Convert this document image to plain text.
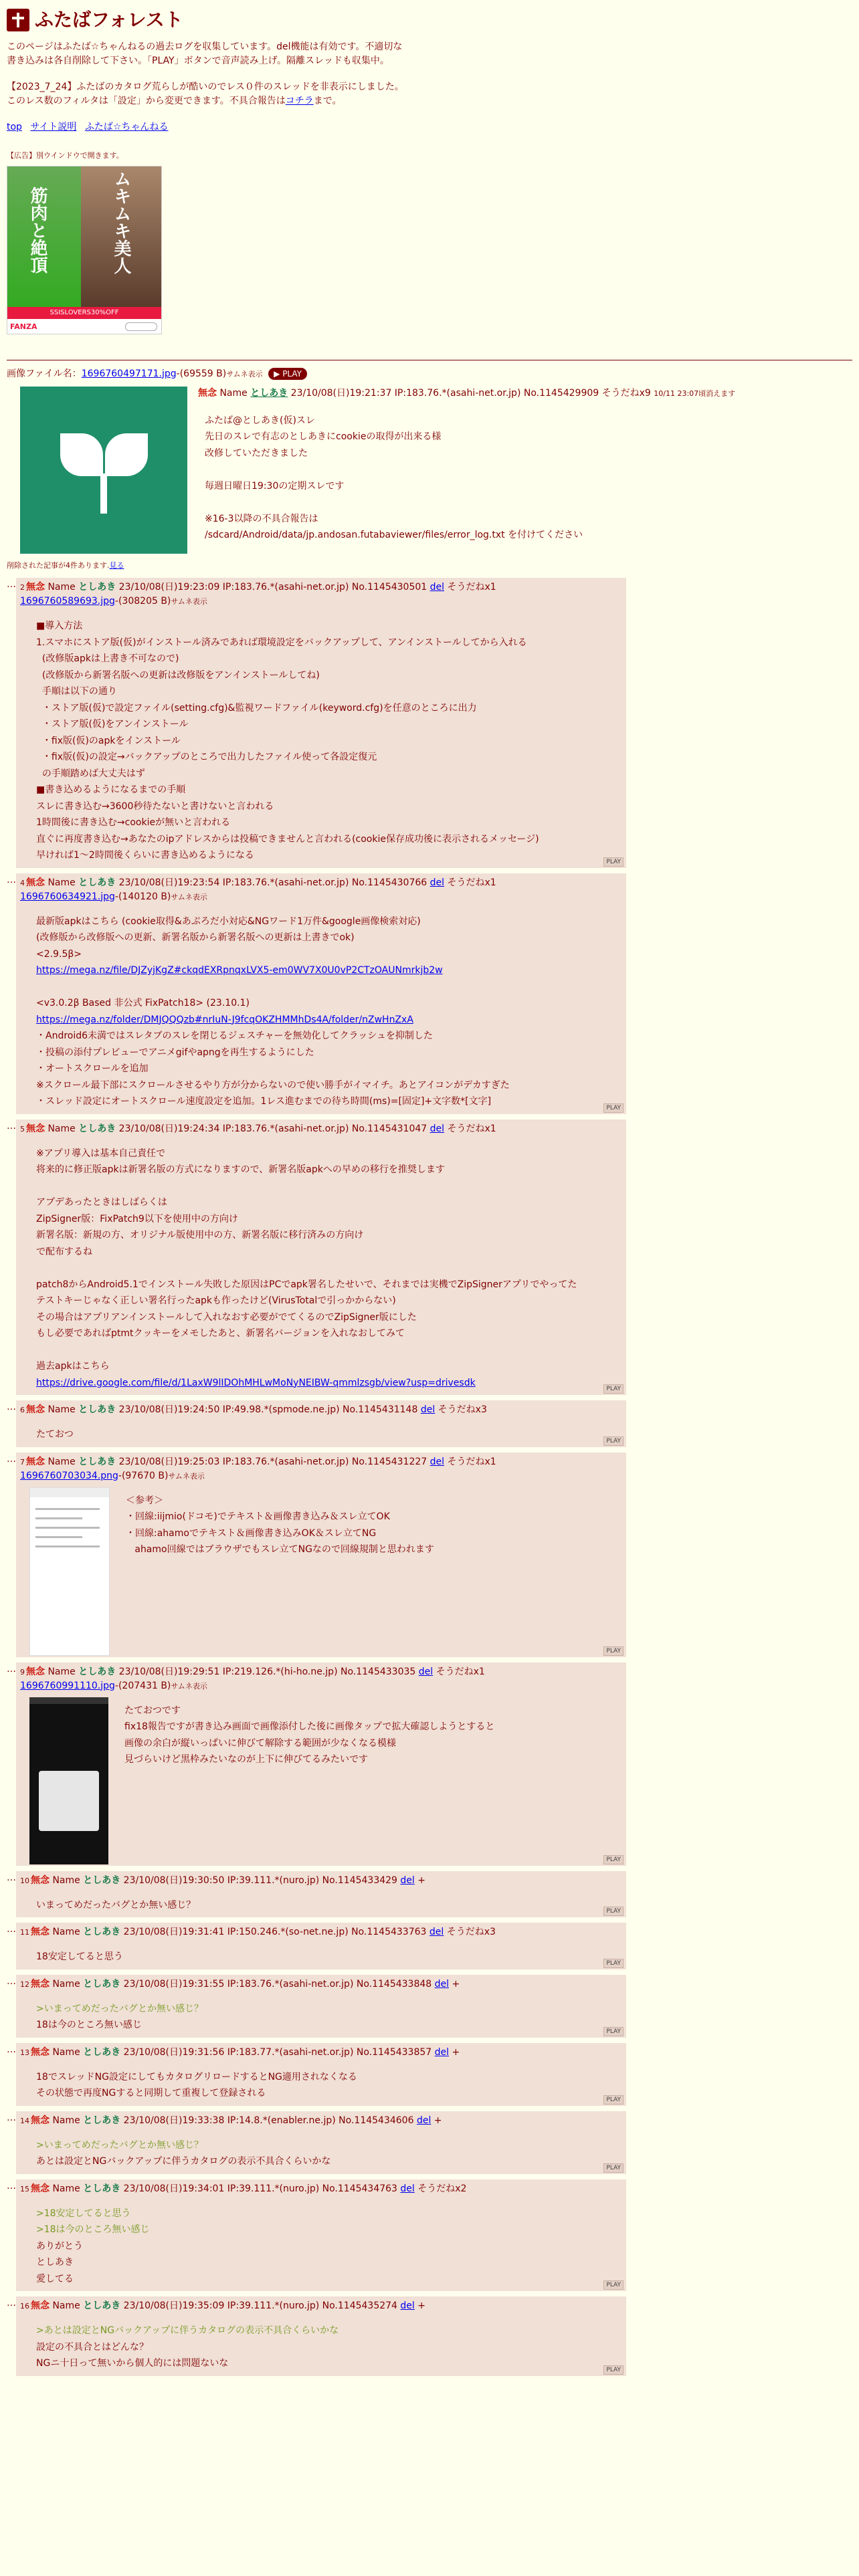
ふたばフォレスト

このページはふたば☆ちゃんねるの過去ログを収集しています。del機能は有効です。不適切な書き込みは各自削除して下さい。「PLAY」ボタンで音声読み上げ。隔離スレッドも収集中。

【2023_7_24】ふたばのカタログ荒らしが酷いのでレス０件のスレッドを非表示にしました。このレス数のフィルタは「設定」から変更できます。不具合報告はコチラまで。

top サイト説明 ふたば☆ちゃんねる
【広告】別ウインドウで開きます。
筋肉と絶頂	ムキムキ美人
SSISLOVERS30%OFF
FANZA
画像ファイル名：1696760497171.jpg-(69559 B)サムネ表示 ▶ PLAY
無念 Name としあき 23/10/08(日)19:21:37 IP:183.76.*(asahi-net.or.jp) No.1145429909 そうだねx9 10/11 23:07頃消えます
ふたば@としあき(仮)スレ
先日のスレで有志のとしあきにcookieの取得が出来る様
改修していただきました

毎週日曜日19:30の定期スレです

※16-3以降の不具合報告は
/sdcard/Android/data/jp.andosan.futabaviewer/files/error_log.txt を付けてください
削除された記事が4件あります.見る
… 2 無念 Name としあき 23/10/08(日)19:23:09 IP:183.76.*(asahi-net.or.jp) No.1145430501 del そうだねx1
1696760589693.jpg-(308205 B)サムネ表示
■導入方法
1.スマホにストア版(仮)がインストール済みであれば環境設定をバックアップして、アンインストールしてから入れる
(改修版apkは上書き不可なので)
(改修版から新署名版への更新は改修版をアンインストールしてね)
手順は以下の通り
・ストア版(仮)で設定ファイル(setting.cfg)&監視ワードファイル(keyword.cfg)を任意のところに出力
・ストア版(仮)をアンインストール
・fix版(仮)のapkをインストール
・fix版(仮)の設定→バックアップのところで出力したファイル使って各設定復元
の手順踏めば大丈夫はず
■書き込めるようになるまでの手順
スレに書き込む→3600秒待たないと書けないと言われる
1時間後に書き込む→cookieが無いと言われる
直ぐに再度書き込む→あなたのipアドレスからは投稿できませんと言われる(cookie保存成功後に表示されるメッセージ)
早ければ1〜2時間後くらいに書き込めるようになる
PLAY
… 4 無念 Name としあき 23/10/08(日)19:23:54 IP:183.76.*(asahi-net.or.jp) No.1145430766 del そうだねx1
1696760634921.jpg-(140120 B)サムネ表示
最新版apkはこちら (cookie取得&あぷろだ小対応&NGワード1万件&google画像検索対応)
(改修版から改修版への更新、新署名版から新署名版への更新は上書きでok)
<2.9.5β>
https://mega.nz/file/DJZyjKgZ#ckqdEXRpnqxLVX5-em0WV7X0U0vP2CTzOAUNmrkjb2w

<v3.0.2β Based 非公式 FixPatch18> (23.10.1)
https://mega.nz/folder/DMJQQQzb#nrIuN-J9fcqOKZHMMhDs4A/folder/nZwHnZxA
・Android6未満ではスレタブのスレを閉じるジェスチャーを無効化してクラッシュを抑制した
・投稿の添付プレビューでアニメgifやapngを再生するようにした
・オートスクロールを追加
※スクロール最下部にスクロールさせるやり方が分からないので使い勝手がイマイチ。あとアイコンがデカすぎた
・スレッド設定にオートスクロール速度設定を追加。1レス進むまでの待ち時間(ms)=[固定]+文字数*[文字]
PLAY
… 5 無念 Name としあき 23/10/08(日)19:24:34 IP:183.76.*(asahi-net.or.jp) No.1145431047 del そうだねx1
※アプリ導入は基本自己責任で
将来的に修正版apkは新署名版の方式になりますので、新署名版apkへの早めの移行を推奨します

アプデあったときはしばらくは
ZipSigner版：FixPatch9以下を使用中の方向け
新署名版：新規の方、オリジナル版使用中の方、新署名版に移行済みの方向け
で配布するね

patch8からAndroid5.1でインストール失敗した原因はPCでapk署名したせいで、それまでは実機でZipSignerアプリでやってた
テストキーじゃなく正しい署名行ったapkも作ったけど(VirusTotalで引っかからない)
その場合はアプリアンインストールして入れなおす必要がでてくるのでZipSigner版にした
もし必要であればptmtクッキーをメモしたあと、新署名バージョンを入れなおしてみて

過去apkはこちら
https://drive.google.com/file/d/1LaxW9lIDOhMHLwMoNyNEIBW-qmmlzsgb/view?usp=drivesdk
PLAY
… 6 無念 Name としあき 23/10/08(日)19:24:50 IP:49.98.*(spmode.ne.jp) No.1145431148 del そうだねx3
たておつ
PLAY
… 7 無念 Name としあき 23/10/08(日)19:25:03 IP:183.76.*(asahi-net.or.jp) No.1145431227 del そうだねx1
1696760703034.png-(97670 B)サムネ表示
＜参考＞
・回線:iijmio(ドコモ)でテキスト＆画像書き込み＆スレ立てOK
・回線:ahamoでテキスト＆画像書き込みOK＆スレ立てNG
ahamo回線ではブラウザでもスレ立てNGなので回線規制と思われます
PLAY
… 9 無念 Name としあき 23/10/08(日)19:29:51 IP:219.126.*(hi-ho.ne.jp) No.1145433035 del そうだねx1
1696760991110.jpg-(207431 B)サムネ表示
たておつです
fix18報告ですが書き込み画面で画像添付した後に画像タップで拡大確認しようとすると
画像の余白が縦いっぱいに伸びて解除する範囲が少なくなる模様
見づらいけど黒枠みたいなのが上下に伸びてるみたいです
PLAY
… 10 無念 Name としあき 23/10/08(日)19:30:50 IP:39.111.*(nuro.jp) No.1145433429 del +
いまってめだったバグとか無い感じ？
PLAY
… 11 無念 Name としあき 23/10/08(日)19:31:41 IP:150.246.*(so-net.ne.jp) No.1145433763 del そうだねx3
18安定してると思う
PLAY
… 12 無念 Name としあき 23/10/08(日)19:31:55 IP:183.76.*(asahi-net.or.jp) No.1145433848 del +
>いまってめだったバグとか無い感じ？
18は今のところ無い感じ
PLAY
… 13 無念 Name としあき 23/10/08(日)19:31:56 IP:183.77.*(asahi-net.or.jp) No.1145433857 del +
18でスレッドNG設定にしてもカタログリロードするとNG適用されなくなる
その状態で再度NGすると同期して重複して登録される
PLAY
… 14 無念 Name としあき 23/10/08(日)19:33:38 IP:14.8.*(enabler.ne.jp) No.1145434606 del +
>いまってめだったバグとか無い感じ？
あとは設定とNGバックアップに伴うカタログの表示不具合くらいかな
PLAY
… 15 無念 Name としあき 23/10/08(日)19:34:01 IP:39.111.*(nuro.jp) No.1145434763 del そうだねx2
>18安定してると思う
>18は今のところ無い感じ
ありがとう
としあき
愛してる
PLAY
… 16 無念 Name としあき 23/10/08(日)19:35:09 IP:39.111.*(nuro.jp) No.1145435274 del +
>あとは設定とNGバックアップに伴うカタログの表示不具合くらいかな
設定の不具合とはどんな？
NGニ十日って無いから個人的には問題ないな
PLAY
